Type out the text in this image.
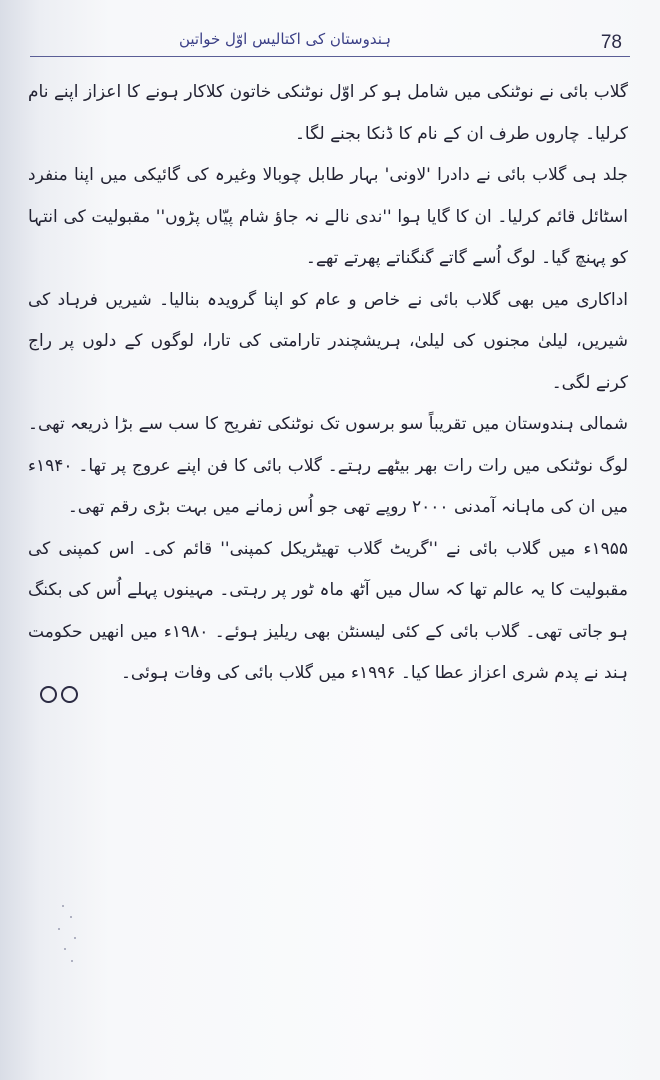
ہندوستان کی اکتالیس اوّل خواتین	78

گلاب بائی نے نوٹنکی میں شامل ہو کر اوّل نوٹنکی خاتون کلاکار ہونے کا اعزاز اپنے نام کرلیا۔ چاروں طرف ان کے نام کا ڈنکا بجنے لگا۔

جلد ہی گلاب بائی نے دادرا 'لاونی' بہار طابل چوبالا وغیرہ کی گائیکی میں اپنا منفرد اسٹائل قائم کرلیا۔ ان کا گایا ہوا ''ندی نالے نہ جاؤ شام پیّاں پڑوں'' مقبولیت کی انتہا کو پہنچ گیا۔ لوگ اُسے گاتے گنگناتے پھرتے تھے۔

اداکاری میں بھی گلاب بائی نے خاص و عام کو اپنا گرویدہ بنالیا۔ شیریں فرہاد کی شیریں، لیلیٰ مجنوں کی لیلیٰ، ہریشچندر تارامتی کی تارا، لوگوں کے دلوں پر راج کرنے لگی۔

شمالی ہندوستان میں تقریباً سو برسوں تک نوٹنکی تفریح کا سب سے بڑا ذریعہ تھی۔ لوگ نوٹنکی میں رات رات بھر بیٹھے رہتے۔ گلاب بائی کا فن اپنے عروج پر تھا۔ ۱۹۴۰ء میں ان کی ماہانہ آمدنی ۲۰۰۰ روپے تھی جو اُس زمانے میں بہت بڑی رقم تھی۔

۱۹۵۵ء میں گلاب بائی نے ''گریٹ گلاب تھیٹریکل کمپنی'' قائم کی۔ اس کمپنی کی مقبولیت کا یہ عالم تھا کہ سال میں آٹھ ماہ ٹور پر رہتی۔ مہینوں پہلے اُس کی بکنگ ہو جاتی تھی۔ گلاب بائی کے کئی لیسنٹن بھی ریلیز ہوئے۔ ۱۹۸۰ء میں انھیں حکومت ہند نے پدم شری اعزاز عطا کیا۔ ۱۹۹۶ء میں گلاب بائی کی وفات ہوئی۔
